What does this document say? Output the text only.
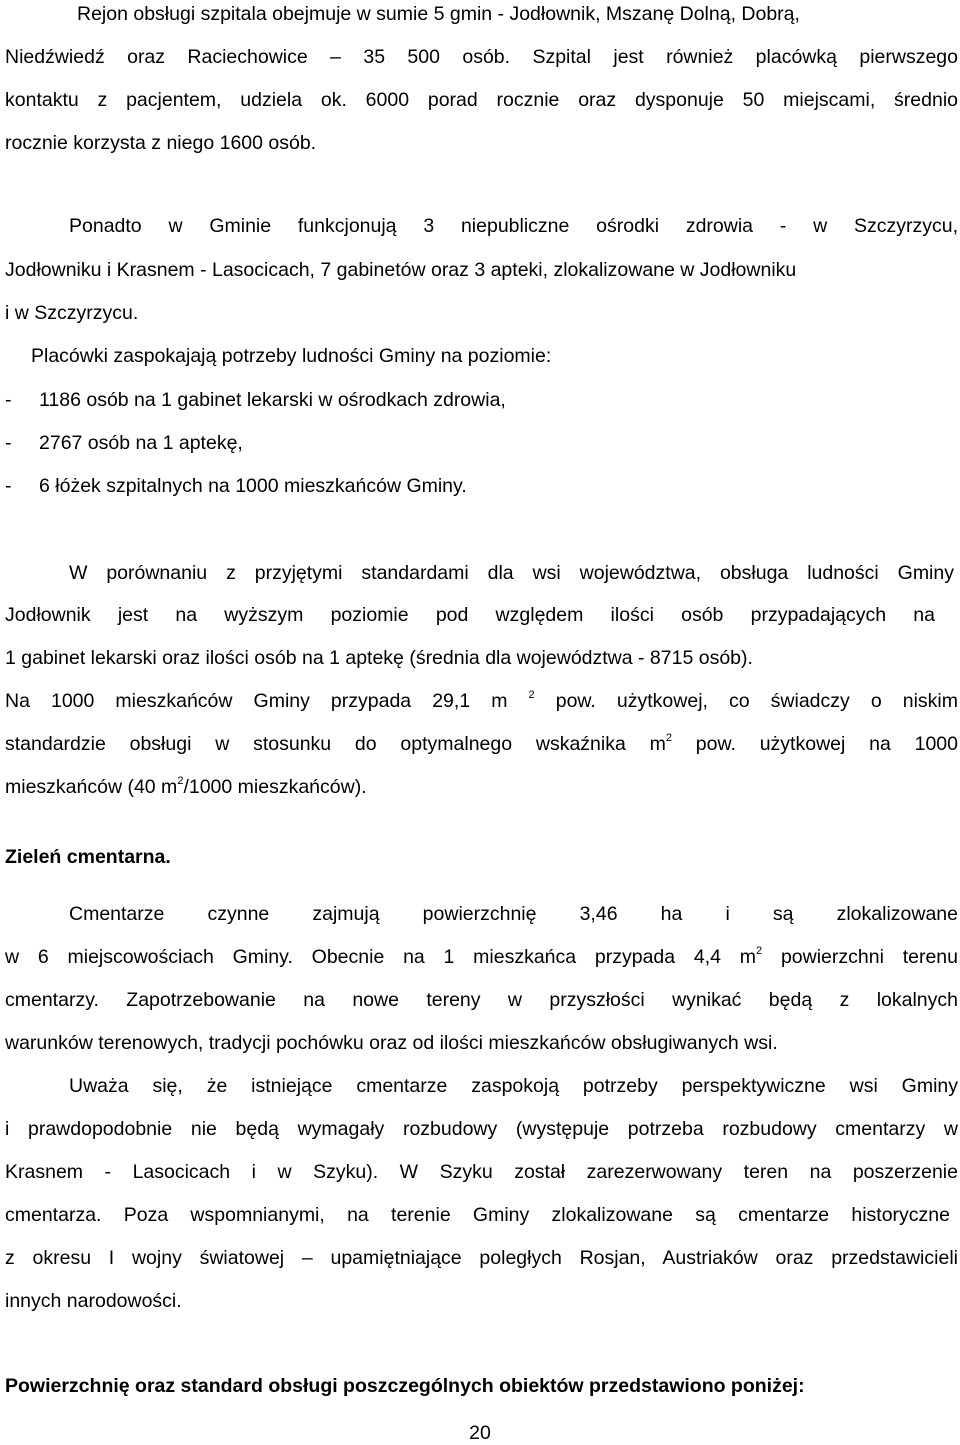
Rejon obsługi szpitala obejmuje w sumie 5 gmin - Jodłownik, Mszanę Dolną, Dobrą,
Niedźwiedź oraz Raciechowice – 35 500 osób. Szpital jest również placówką pierwszego
kontaktu z pacjentem, udziela ok. 6000 porad rocznie oraz dysponuje 50 miejscami, średnio
rocznie korzysta z niego 1600 osób.
Ponadto w Gminie funkcjonują 3 niepubliczne ośrodki zdrowia - w Szczyrzycu,
Jodłowniku i Krasnem - Lasocicach, 7 gabinetów oraz 3 apteki, zlokalizowane w Jodłowniku
i w Szczyrzycu.
Placówki zaspokajają potrzeby ludności Gminy na poziomie:
- 1186 osób na 1 gabinet lekarski w ośrodkach zdrowia,
- 2767 osób na 1 aptekę,
- 6 łóżek szpitalnych na 1000 mieszkańców Gminy.
W porównaniu z przyjętymi standardami dla wsi województwa, obsługa ludności Gminy
Jodłownik jest na wyższym poziomie pod względem ilości osób przypadających na
1 gabinet lekarski oraz ilości osób na 1 aptekę (średnia dla województwa - 8715 osób).
Na 1000 mieszkańców Gminy przypada 29,1 m $^2$ pow. użytkowej, co świadczy o niskim
standardzie obsługi w stosunku do optymalnego wskaźnika $m^2$ pow. użytkowej na 1000
mieszkańców (40 $m^2/1000$ mieszkańców).
Zieleń cmentarna.
Cmentarze czynne zajmują powierzchnię 3,46 ha i są zlokalizowane
w 6 miejscowościach Gminy. Obecnie na 1 mieszkańca przypada 4,4 $m^2$ powierzchni terenu
cmentarzy. Zapotrzebowanie na nowe tereny w przyszłości wynikać będą z lokalnych
warunków terenowych, tradycji pochówku oraz od ilości mieszkańców obsługiwanych wsi.
Uważa się, że istniejące cmentarze zaspokoją potrzeby perspektywiczne wsi Gminy
i prawdopodobnie nie będą wymagały rozbudowy (występuje potrzeba rozbudowy cmentarzy w
Krasnem - Lasocicach i w Szyku). W Szyku został zarezerwowany teren na poszerzenie
cmentarza. Poza wspomnianymi, na terenie Gminy zlokalizowane są cmentarze historyczne
z okresu I wojny światowej – upamiętniające poległych Rosjan, Austriaków oraz przedstawicieli
innych narodowości.
Powierzchnię oraz standard obsługi poszczególnych obiektów przedstawiono poniżej:
20
